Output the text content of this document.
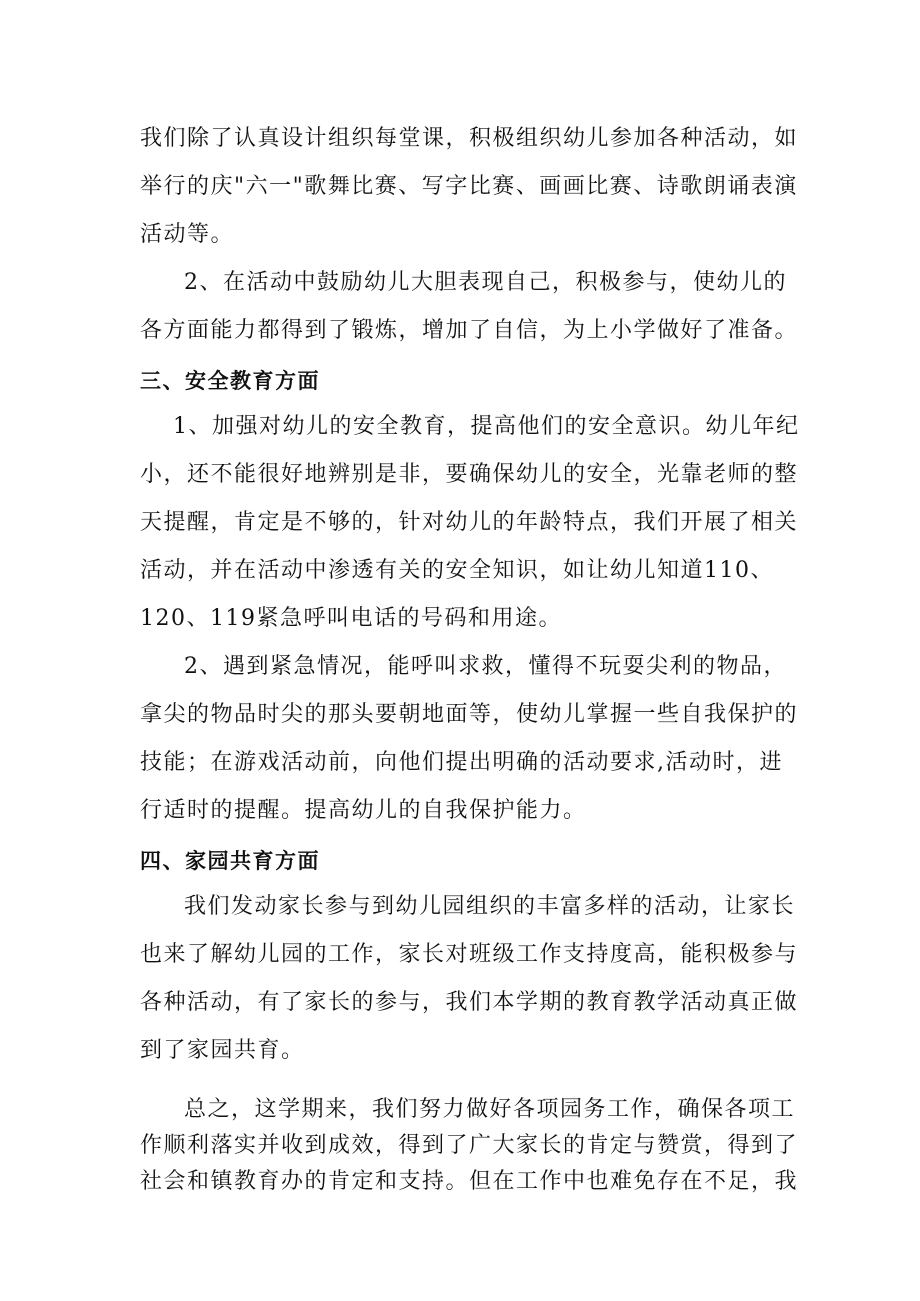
我们除了认真设计组织每堂课，积极组织幼儿参加各种活动，如
举行的庆"六一"歌舞比赛、写字比赛、画画比赛、诗歌朗诵表演
活动等。

2、在活动中鼓励幼儿大胆表现自己，积极参与，使幼儿的
各方面能力都得到了锻炼，增加了自信，为上小学做好了准备。

三、安全教育方面

1、加强对幼儿的安全教育，提高他们的安全意识。幼儿年纪
小，还不能很好地辨别是非，要确保幼儿的安全，光靠老师的整
天提醒，肯定是不够的，针对幼儿的年龄特点，我们开展了相关
活动，并在活动中渗透有关的安全知识，如让幼儿知道110、
120、119紧急呼叫电话的号码和用途。

2、遇到紧急情况，能呼叫求救，懂得不玩耍尖利的物品，
拿尖的物品时尖的那头要朝地面等，使幼儿掌握一些自我保护的
技能；在游戏活动前，向他们提出明确的活动要求,活动时，进
行适时的提醒。提高幼儿的自我保护能力。

四、家园共育方面

我们发动家长参与到幼儿园组织的丰富多样的活动，让家长
也来了解幼儿园的工作，家长对班级工作支持度高，能积极参与
各种活动，有了家长的参与，我们本学期的教育教学活动真正做
到了家园共育。

总之，这学期来，我们努力做好各项园务工作，确保各项工
作顺利落实并收到成效，得到了广大家长的肯定与赞赏，得到了
社会和镇教育办的肯定和支持。但在工作中也难免存在不足，我
